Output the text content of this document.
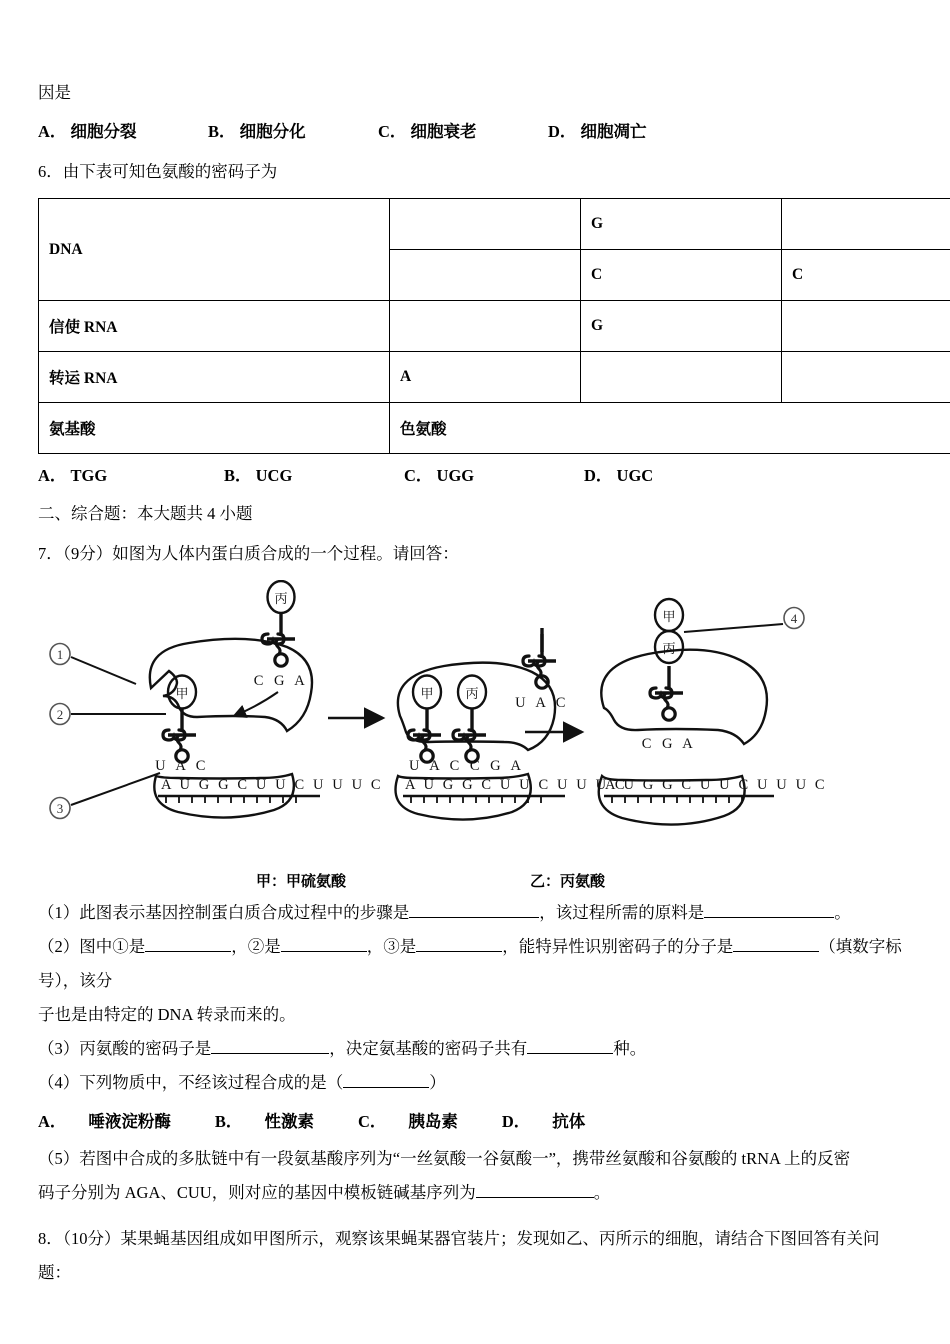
因是
A． 细胞分裂	B． 细胞分化	C． 细胞衰老	D． 细胞凋亡
6．由下表可知色氨酸的密码子为
DNA		G	
		C	C
信使 RNA		G	
转运 RNA	A		
氨基酸	色氨酸		
A． TGG	B． UCG	C． UGG	D． UGC
二、综合题：本大题共 4 小题
7．（9分）如图为人体内蛋白质合成的一个过程。请回答：
1
2
3
丙
C G A
甲
U A C
A U G G C U U C U U U C
甲 丙
U A C C G A
A U G G C U U C U U U C
U A C
甲
丙
C G A
4
A U G G C U U C U U U C
甲：甲硫氨酸	乙：丙氨酸
（1）此图表示基因控制蛋白质合成过程中的步骤是	，该过程所需的原料是	。
（2）图中①是	，②是	，③是	，能特异性识别密码子的分子是	（填数字标号），该分
子也是由特定的 DNA 转录而来的。
（3）丙氨酸的密码子是	，决定氨基酸的密码子共有	种。
（4）下列物质中，不经该过程合成的是（	）
A． 唾液淀粉酶	B． 性激素	C． 胰岛素	D． 抗体
（5）若图中合成的多肽链中有一段氨基酸序列为“一丝氨酸一谷氨酸一”，携带丝氨酸和谷氨酸的 tRNA 上的反密
码子分别为 AGA、CUU，则对应的基因中模板链碱基序列为	。
8．（10分）某果蝇基因组成如甲图所示，观察该果蝇某器官装片；发现如乙、丙所示的细胞，请结合下图回答有关问
题：
